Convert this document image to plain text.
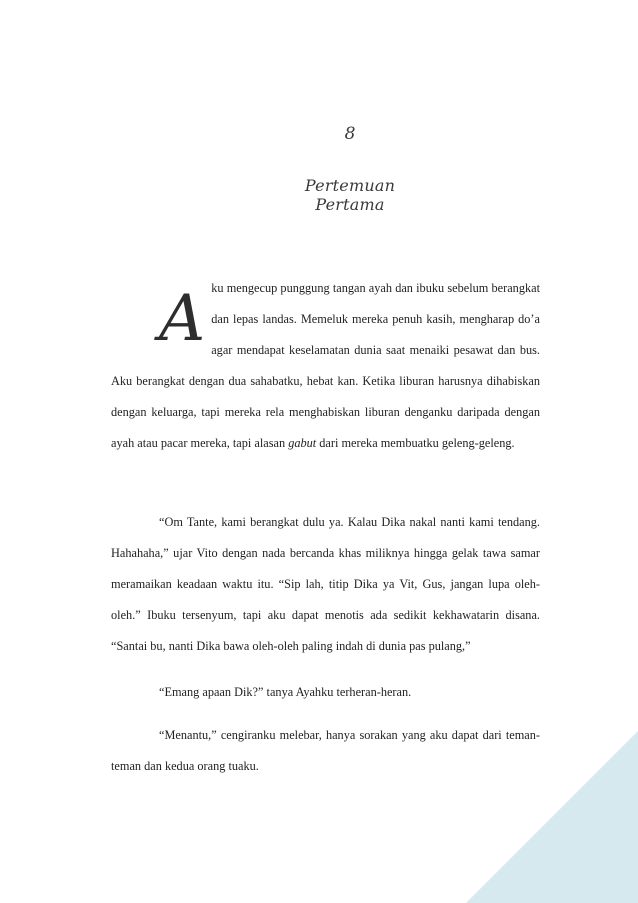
8
Pertemuan Pertama
Aku mengecup punggung tangan ayah dan ibuku sebelum berangkat dan lepas landas. Memeluk mereka penuh kasih, mengharap do’a agar mendapat keselamatan dunia saat menaiki pesawat dan bus. Aku berangkat dengan dua sahabatku, hebat kan. Ketika liburan harusnya dihabiskan dengan keluarga, tapi mereka rela menghabiskan liburan denganku daripada dengan ayah atau pacar mereka, tapi alasan gabut dari mereka membuatku geleng-geleng.

“Om Tante, kami berangkat dulu ya. Kalau Dika nakal nanti kami tendang. Hahahaha,” ujar Vito dengan nada bercanda khas miliknya hingga gelak tawa samar meramaikan keadaan waktu itu. “Sip lah, titip Dika ya Vit, Gus, jangan lupa oleh-oleh.” Ibuku tersenyum, tapi aku dapat menotis ada sedikit kekhawatarin disana. “Santai bu, nanti Dika bawa oleh-oleh paling indah di dunia pas pulang,”

“Emang apaan Dik?” tanya Ayahku terheran-heran.

“Menantu,” cengiranku melebar, hanya sorakan yang aku dapat dari teman-teman dan kedua orang tuaku.
